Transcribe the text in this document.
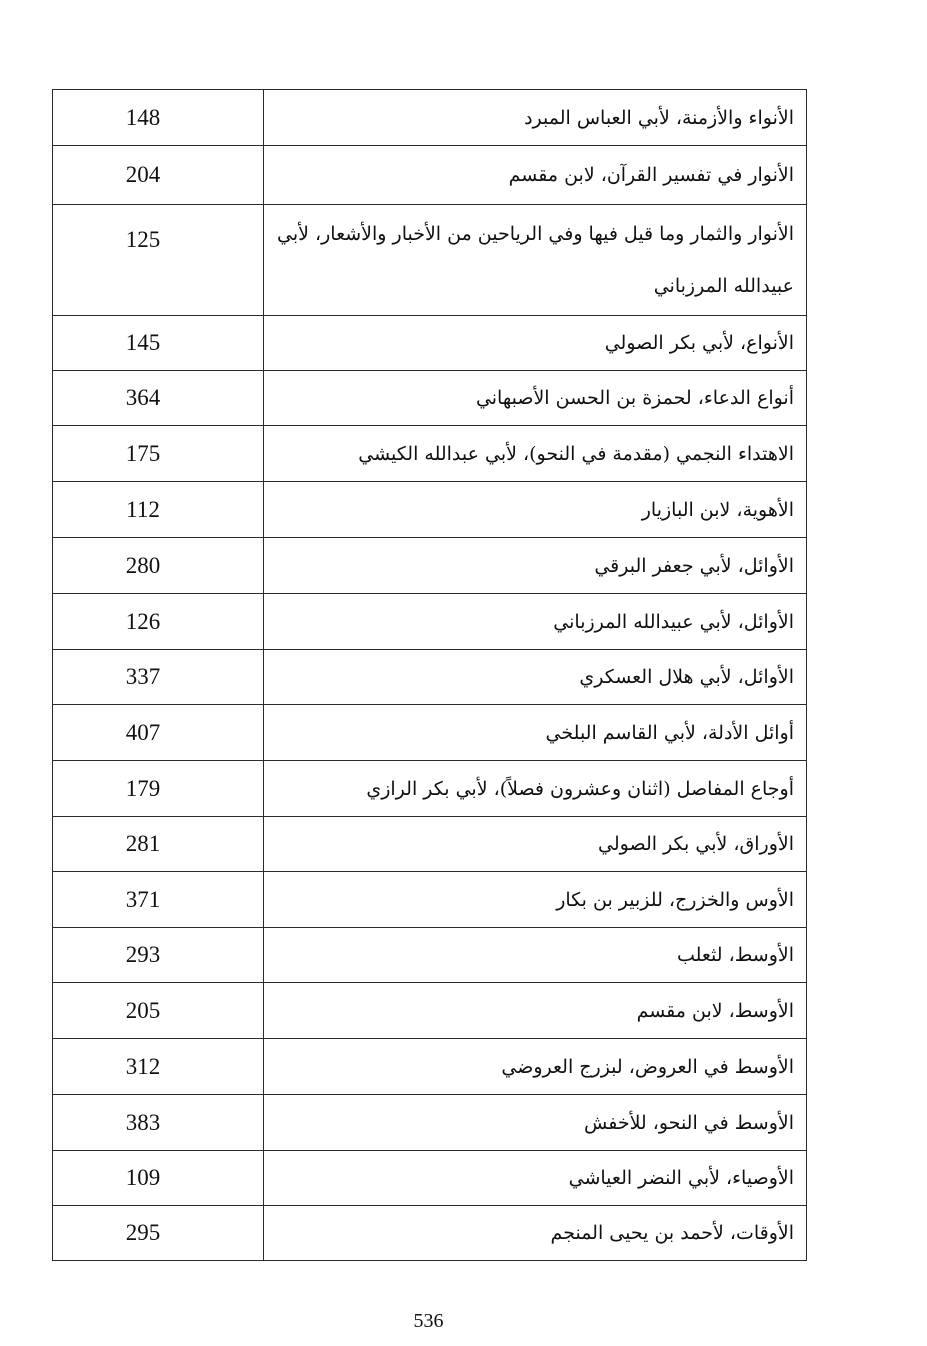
148	الأنواء والأزمنة، لأبي العباس المبرد
204	الأنوار في تفسير القرآن، لابن مقسم
125	الأنوار والثمار وما قيل فيها وفي الرياحين من الأخبار والأشعار، لأبي عبيدالله المرزباني

145	الأنواع، لأبي بكر الصولي
364	أنواع الدعاء، لحمزة بن الحسن الأصبهاني
175	الاهتداء النجمي (مقدمة في النحو)، لأبي عبدالله الكيشي
112	الأهوية، لابن البازيار
280	الأوائل، لأبي جعفر البرقي
126	الأوائل، لأبي عبيدالله المرزباني
337	الأوائل، لأبي هلال العسكري
407	أوائل الأدلة، لأبي القاسم البلخي
179	أوجاع المفاصل (اثنان وعشرون فصلاً)، لأبي بكر الرازي
281	الأوراق، لأبي بكر الصولي
371	الأوس والخزرج، للزبير بن بكار
293	الأوسط، لثعلب
205	الأوسط، لابن مقسم
312	الأوسط في العروض، لبزرج العروضي
383	الأوسط في النحو، للأخفش
109	الأوصياء، لأبي النضر العياشي
295	الأوقات، لأحمد بن يحيى المنجم
536
